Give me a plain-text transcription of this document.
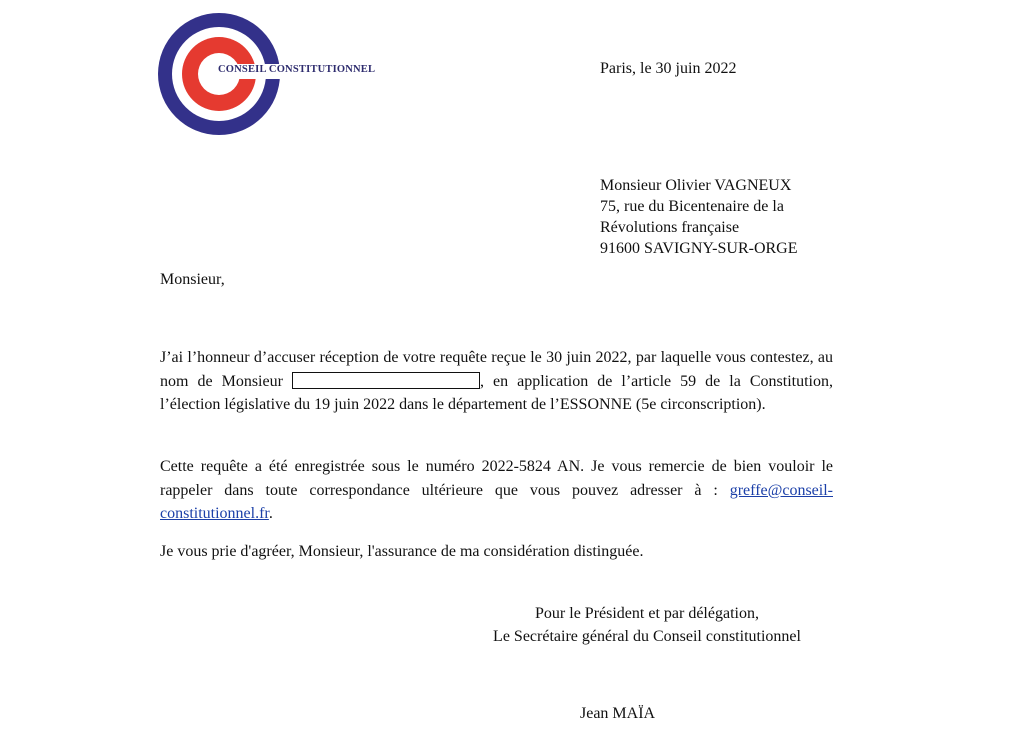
CONSEIL CONSTITUTIONNEL	Paris, le 30 juin 2022
Monsieur Olivier VAGNEUX
75, rue du Bicentenaire de la
Révolutions française
91600 SAVIGNY-SUR-ORGE
Monsieur,
J’ai l’honneur d’accuser réception de votre requête reçue le 30 juin 2022, par laquelle vous contestez, au nom de Monsieur	, en application de l’article 59 de la Constitution, l’élection législative du 19 juin 2022 dans le département de l’ESSONNE (5e circonscription).
Cette requête a été enregistrée sous le numéro 2022-5824 AN. Je vous remercie de bien vouloir le rappeler dans toute correspondance ultérieure que vous pouvez adresser à : greffe@conseil-constitutionnel.fr.
Je vous prie d'agréer, Monsieur, l'assurance de ma considération distinguée.
Pour le Président et par délégation,
Le Secrétaire général du Conseil constitutionnel
Jean MAÏA
